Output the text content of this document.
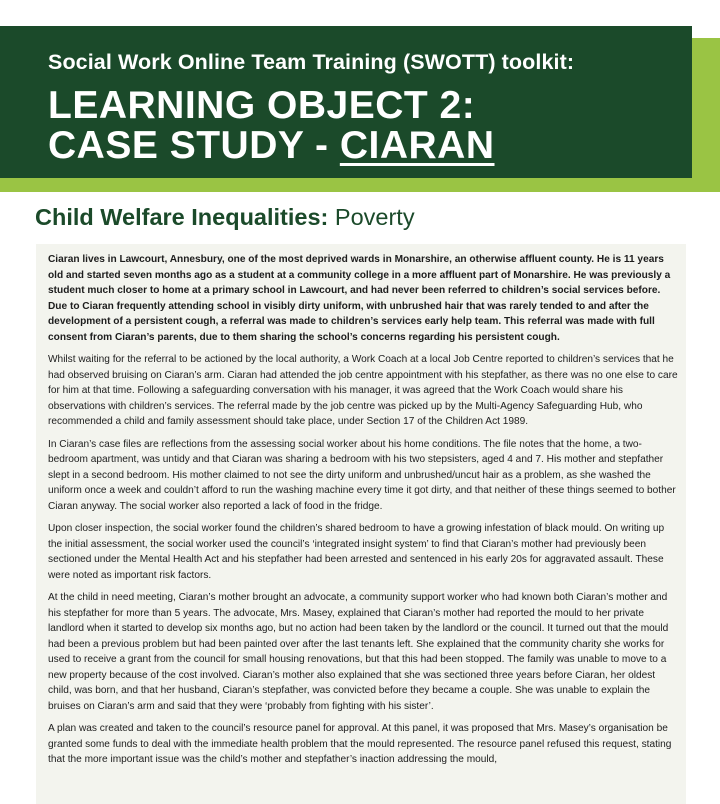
Social Work Online Team Training (SWOTT) toolkit:
LEARNING OBJECT 2:
CASE STUDY - CIARAN
Child Welfare Inequalities: Poverty

Ciaran lives in Lawcourt, Annesbury, one of the most deprived wards in Monarshire, an otherwise affluent county. He is 11 years old and started seven months ago as a student at a community college in a more affluent part of Monarshire. He was previously a student much closer to home at a primary school in Lawcourt, and had never been referred to children’s social services before. Due to Ciaran frequently attending school in visibly dirty uniform, with unbrushed hair that was rarely tended to and after the development of a persistent cough, a referral was made to children’s services early help team. This referral was made with full consent from Ciaran’s parents, due to them sharing the school’s concerns regarding his persistent cough.

Whilst waiting for the referral to be actioned by the local authority, a Work Coach at a local Job Centre reported to children’s services that he had observed bruising on Ciaran’s arm. Ciaran had attended the job centre appointment with his stepfather, as there was no one else to care for him at that time. Following a safeguarding conversation with his manager, it was agreed that the Work Coach would share his observations with children’s services. The referral made by the job centre was picked up by the Multi-Agency Safeguarding Hub, who recommended a child and family assessment should take place, under Section 17 of the Children Act 1989.

In Ciaran’s case files are reflections from the assessing social worker about his home conditions. The file notes that the home, a two-bedroom apartment, was untidy and that Ciaran was sharing a bedroom with his two stepsisters, aged 4 and 7. His mother and stepfather slept in a second bedroom. His mother claimed to not see the dirty uniform and unbrushed/uncut hair as a problem, as she washed the uniform once a week and couldn’t afford to run the washing machine every time it got dirty, and that neither of these things seemed to bother Ciaran anyway. The social worker also reported a lack of food in the fridge.

Upon closer inspection, the social worker found the children’s shared bedroom to have a growing infestation of black mould. On writing up the initial assessment, the social worker used the council’s ‘integrated insight system’ to find that Ciaran’s mother had previously been sectioned under the Mental Health Act and his stepfather had been arrested and sentenced in his early 20s for aggravated assault. These were noted as important risk factors.

At the child in need meeting, Ciaran’s mother brought an advocate, a community support worker who had known both Ciaran’s mother and his stepfather for more than 5 years. The advocate, Mrs. Masey, explained that Ciaran’s mother had reported the mould to her private landlord when it started to develop six months ago, but no action had been taken by the landlord or the council. It turned out that the mould had been a previous problem but had been painted over after the last tenants left. She explained that the community charity she works for used to receive a grant from the council for small housing renovations, but that this had been stopped. The family was unable to move to a new property because of the cost involved. Ciaran’s mother also explained that she was sectioned three years before Ciaran, her oldest child, was born, and that her husband, Ciaran’s stepfather, was convicted before they became a couple. She was unable to explain the bruises on Ciaran’s arm and said that they were ‘probably from fighting with his sister’.

A plan was created and taken to the council’s resource panel for approval. At this panel, it was proposed that Mrs. Masey’s organisation be granted some funds to deal with the immediate health problem that the mould represented. The resource panel refused this request, stating that the more important issue was the child’s mother and stepfather’s inaction addressing the mould,
